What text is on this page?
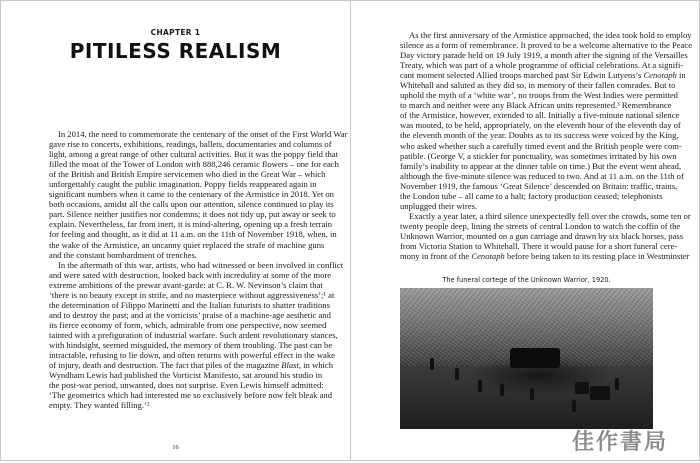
CHAPTER 1
PITILESS REALISM
In 2014, the need to commemorate the centenary of the onset of the First World War
gave rise to concerts, exhibitions, readings, ballets, documentaries and columns of
light, among a great range of other cultural activities. But it was the poppy field that
filled the moat of the Tower of London with 888,246 ceramic flowers – one for each
of the British and British Empire servicemen who died in the Great War – which
unforgettably caught the public imagination. Poppy fields reappeared again in
significant numbers when it came to the centenary of the Armistice in 2018. Yet on
both occasions, amidst all the calls upon our attention, silence continued to play its
part. Silence neither justifies nor condemns; it does not tidy up, put away or seek to
explain. Nevertheless, far from inert, it is mind-altering, opening up a fresh terrain
for feeling and thought, as it did at 11 a.m. on the 11th of November 1918, when, in
the wake of the Armistice, an uncanny quiet replaced the strafe of machine guns
and the constant bombardment of trenches.
In the aftermath of this war, artists, who had witnessed or been involved in conflict
and were sated with destruction, looked back with incredulity at some of the more
extreme ambitions of the prewar avant-garde: at C. R. W. Nevinson’s claim that
‘there is no beauty except in strife, and no masterpiece without aggressiveness’;¹ at
the determination of Filippo Marinetti and the Italian futurists to shatter traditions
and to destroy the past; and at the vorticists’ praise of a machine-age aesthetic and
its fierce economy of form, which, admirable from one perspective, now seemed
tainted with a prefiguration of industrial warfare. Such ardent revolutionary stances,
with hindsight, seemed misguided, the memory of them troubling. The past can be
intractable, refusing to lie down, and often returns with powerful effect in the wake
of injury, death and destruction. The fact that piles of the magazine Blast, in which
Wyndham Lewis had published the Vorticist Manifesto, sat around his studio in
the post-war period, unwanted, does not surprise. Even Lewis himself admitted:
‘The geometrics which had interested me so exclusively before now felt bleak and
empty. They wanted filling.’²
16
As the first anniversary of the Armistice approached, the idea took hold to employ
silence as a form of remembrance. It proved to be a welcome alternative to the Peace
Day victory parade held on 19 July 1919, a month after the signing of the Versailles
Treaty, which was part of a whole programme of official celebrations. At a signifi-
cant moment selected Allied troops marched past Sir Edwin Lutyens’s Cenotaph in
Whitehall and saluted as they did so, in memory of their fallen comrades. But to
uphold the myth of a ‘white war’, no troops from the West Indies were permitted
to march and neither were any Black African units represented.³ Remembrance
of the Armistice, however, extended to all. Initially a five-minute national silence
was mooted, to be held, appropriately, on the eleventh hour of the eleventh day of
the eleventh month of the year. Doubts as to its success were voiced by the King,
who asked whether such a carefully timed event and the British people were com-
patible. (George V, a stickler for punctuality, was sometimes irritated by his own
family’s inability to appear at the dinner table on time.) But the event went ahead,
although the five-minute silence was reduced to two. And at 11 a.m. on the 11th of
November 1919, the famous ‘Great Silence’ descended on Britain: traffic, trains,
the London tube – all came to a halt; factory production ceased; telephonists
unplugged their wires.
Exactly a year later, a third silence unexpectedly fell over the crowds, some ten or
twenty people deep, lining the streets of central London to watch the coffin of the
Unknown Warrior, mounted on a gun carriage and drawn by six black horses, pass
from Victoria Station to Whitehall. There it would pause for a short funeral cere-
mony in front of the Cenotaph before being taken to its resting place in Westminster
The funeral cortege of the Unknown Warrior, 1920.
佳作書局
